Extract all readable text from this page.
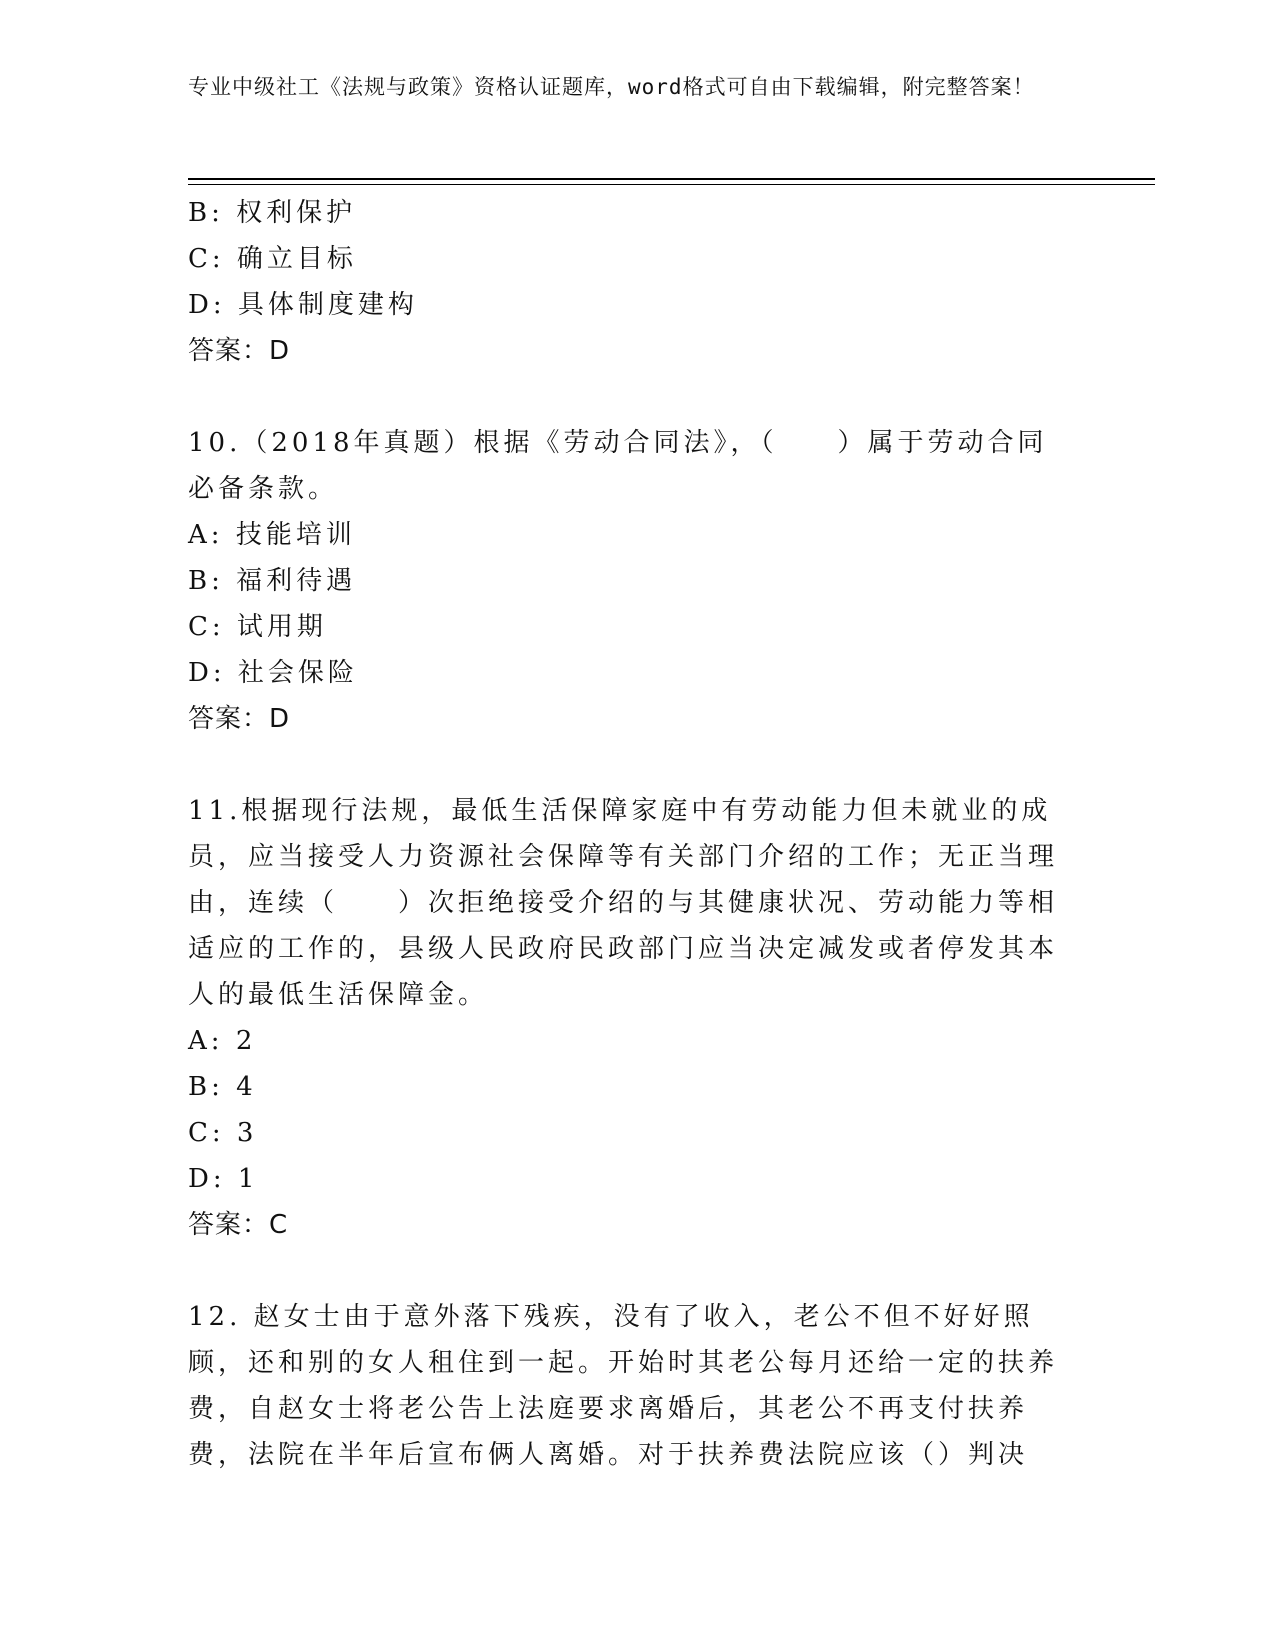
专业中级社工《法规与政策》资格认证题库，word格式可自由下载编辑，附完整答案！
B: 权利保护
C: 确立目标
D: 具体制度建构
答案：D
10.（2018年真题）根据《劳动合同法》，（　　）属于劳动合同必备条款。
A: 技能培训
B: 福利待遇
C: 试用期
D: 社会保险
答案：D
11.根据现行法规，最低生活保障家庭中有劳动能力但未就业的成员，应当接受人力资源社会保障等有关部门介绍的工作；无正当理由，连续（　　）次拒绝接受介绍的与其健康状况、劳动能力等相适应的工作的，县级人民政府民政部门应当决定减发或者停发其本人的最低生活保障金。
A: 2
B: 4
C: 3
D: 1
答案：C
12. 赵女士由于意外落下残疾，没有了收入，老公不但不好好照顾，还和别的女人租住到一起。开始时其老公每月还给一定的扶养费，自赵女士将老公告上法庭要求离婚后，其老公不再支付扶养费，法院在半年后宣布俩人离婚。对于扶养费法院应该（）判决
